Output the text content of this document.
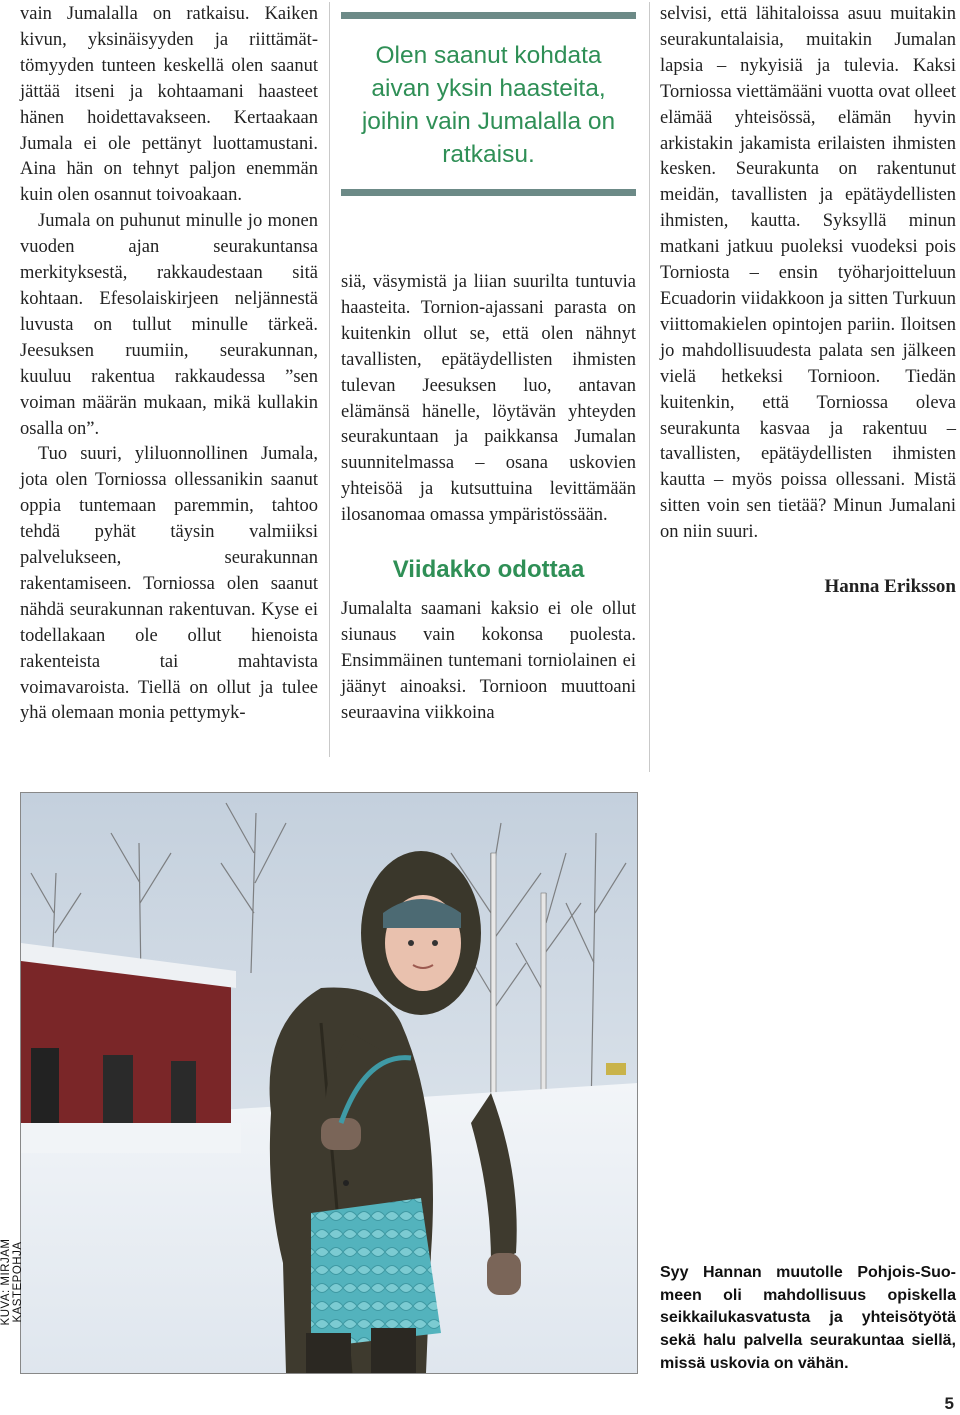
vain Jumalalla on ratkaisu. Kaiken kivun, yksinäisyyden ja riittämättömyyden tunteen keskellä olen saanut jättää itseni ja kohtaamani haasteet hänen hoidettavakseen. Kertaakaan Jumala ei ole pettänyt luottamustani. Aina hän on tehnyt paljon enemmän kuin olen osannut toivoakaan.

Jumala on puhunut minulle jo monen vuoden ajan seurakuntansa merkityksestä, rakkaudestaan sitä kohtaan. Efesolaiskirjeen neljännestä luvusta on tullut minulle tärkeä. Jeesuksen ruumiin, seurakunnan, kuuluu rakentua rakkaudessa ”sen voiman määrän mukaan, mikä kullakin osalla on”.

Tuo suuri, yliluonnollinen Jumala, jota olen Torniossa ollessanikin saanut oppia tuntemaan paremmin, tahtoo tehdä pyhät täysin valmiiksi palvelukseen, seurakunnan rakentamiseen. Torniossa olen saanut nähdä seurakunnan rakentuvan. Kyse ei todellakaan ole ollut hienoista rakenteista tai mahtavista voimavaroista. Tiellä on ollut ja tulee yhä olemaan monia pettymyk-

Olen saanut kohdata aivan yksin haasteita, joihin vain Jumalalla on ratkaisu.

siä, väsymistä ja liian suurilta tuntuvia haasteita. Tornion-ajassani parasta on kuitenkin ollut se, että olen nähnyt tavallisten, epätäydellisten ihmisten tulevan Jeesuksen luo, antavan elämänsä hänelle, löytävän yhteyden seurakuntaan ja paikkansa Jumalan suunnitelmassa – osana uskovien yhteisöä ja kutsuttuina levittämään ilosanomaa omassa ympäristössään.

Viidakko odottaa

Jumalalta saamani kaksio ei ole ollut siunaus vain kokonsa puolesta. Ensimmäinen tuntemani torniolainen ei jäänyt ainoaksi. Tornioon muuttoani seuraavina viikkoina

selvisi, että lähitaloissa asuu muitakin seurakuntalaisia, muitakin Jumalan lapsia – nykyisiä ja tulevia. Kaksi Torniossa viettämääni vuotta ovat olleet elämää yhteisössä, elämän hyvin arkistakin jakamista erilaisten ihmisten kesken. Seurakunta on rakentunut meidän, tavallisten ja epätäydellisten ihmisten, kautta. Syksyllä minun matkani jatkuu puoleksi vuodeksi pois Torniosta – ensin työharjoitteluun Ecuadorin viidakkoon ja sitten Turkuun viittomakielen opintojen pariin. Iloitsen jo mahdollisuudesta palata sen jälkeen vielä hetkeksi Tornioon. Tiedän kuitenkin, että Torniossa oleva seurakunta kasvaa ja rakentuu – tavallisten, epätäydellisten ihmisten kautta – myös poissa ollessani. Mistä sitten voin sen tietää? Minun Jumalani on niin suuri.

Hanna Eriksson
KUVA: MIRJAM KASTEPOHJA	Syy Hannan muutolle Pohjois-Suomeen oli mahdollisuus opiskella seikkailukasvatusta ja yhteisötyötä sekä halu palvella seurakuntaa siellä, missä uskovia on vähän.

5
